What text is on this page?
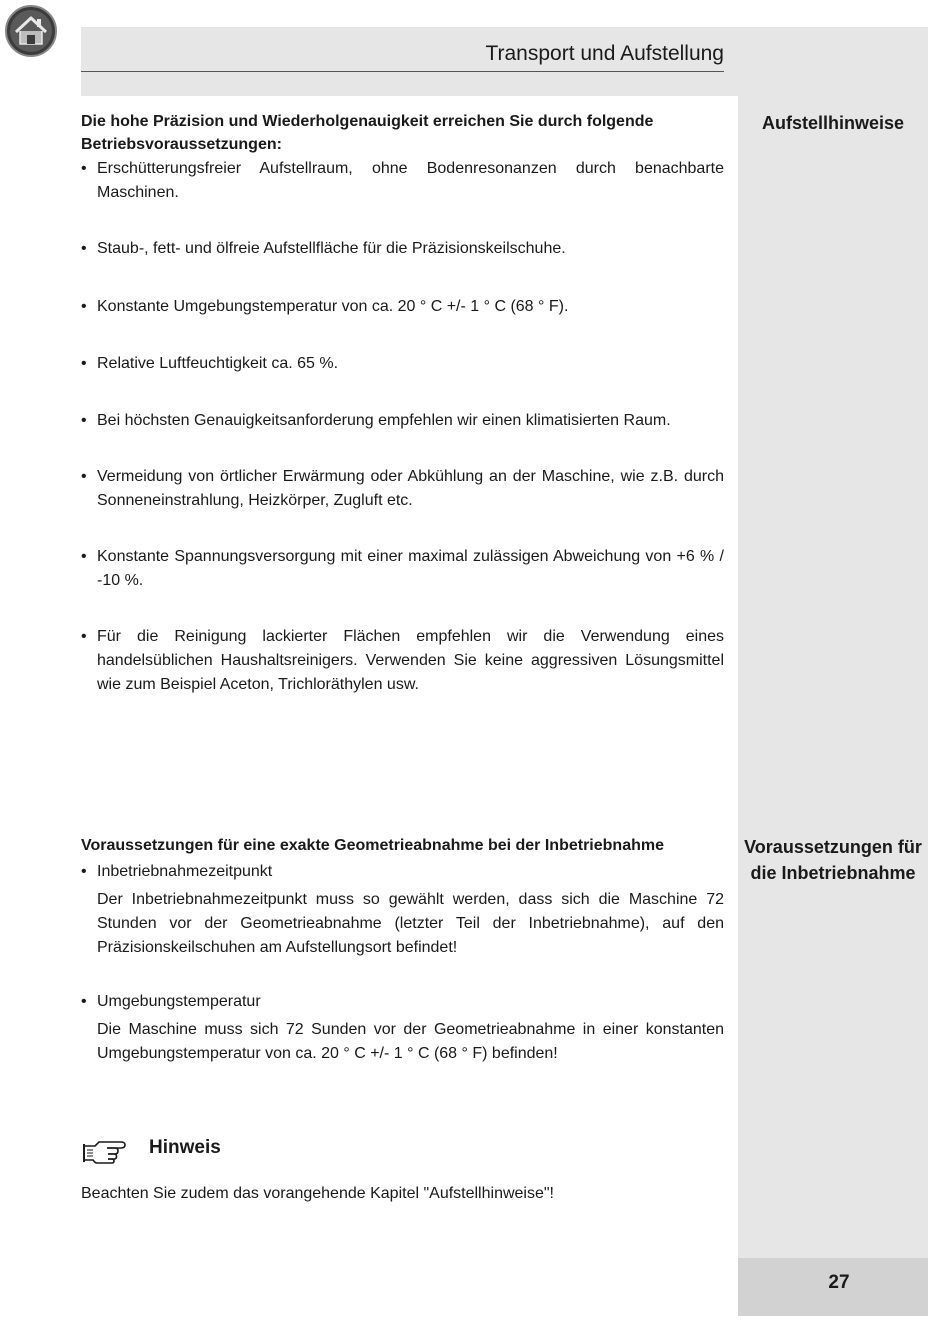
Transport und Aufstellung
27
Aufstellhinweise
Die hohe Präzision und Wiederholgenauigkeit erreichen Sie durch folgende Betriebsvoraussetzungen:
• Erschütterungsfreier Aufstellraum, ohne Bodenresonanzen durch benachbarte Maschinen.
• Staub-, fett- und ölfreie Aufstellfläche für die Präzisionskeilschuhe.
• Konstante Umgebungstemperatur von ca. 20 ° C +/- 1 ° C (68 ° F).
• Relative Luftfeuchtigkeit ca. 65 %.
• Bei höchsten Genauigkeitsanforderung empfehlen wir einen klimatisierten Raum.
• Vermeidung von örtlicher Erwärmung oder Abkühlung an der Maschine, wie z.B. durch Sonneneinstrahlung, Heizkörper, Zugluft etc.
• Konstante Spannungsversorgung mit einer maximal zulässigen Abweichung von +6 % / -10 %.
• Für die Reinigung lackierter Flächen empfehlen wir die Verwendung eines handelsüblichen Haushaltsreinigers. Verwenden Sie keine aggressiven Lösungsmittel wie zum Beispiel Aceton, Trichloräthylen usw.
Voraussetzungen für die Inbetriebnahme
Voraussetzungen für eine exakte Geometrieabnahme bei der Inbetriebnahme
• Inbetriebnahmezeitpunkt
Der Inbetriebnahmezeitpunkt muss so gewählt werden, dass sich die Maschine 72 Stunden vor der Geometrieabnahme (letzter Teil der Inbetriebnahme), auf den Präzisionskeilschuhen am Aufstellungsort befindet!
• Umgebungstemperatur
Die Maschine muss sich 72 Sunden vor der Geometrieabnahme in einer konstanten Umgebungstemperatur von ca. 20 ° C +/- 1 ° C (68 ° F) befinden!
Hinweis
Beachten Sie zudem das vorangehende Kapitel "Aufstellhinweise"!
